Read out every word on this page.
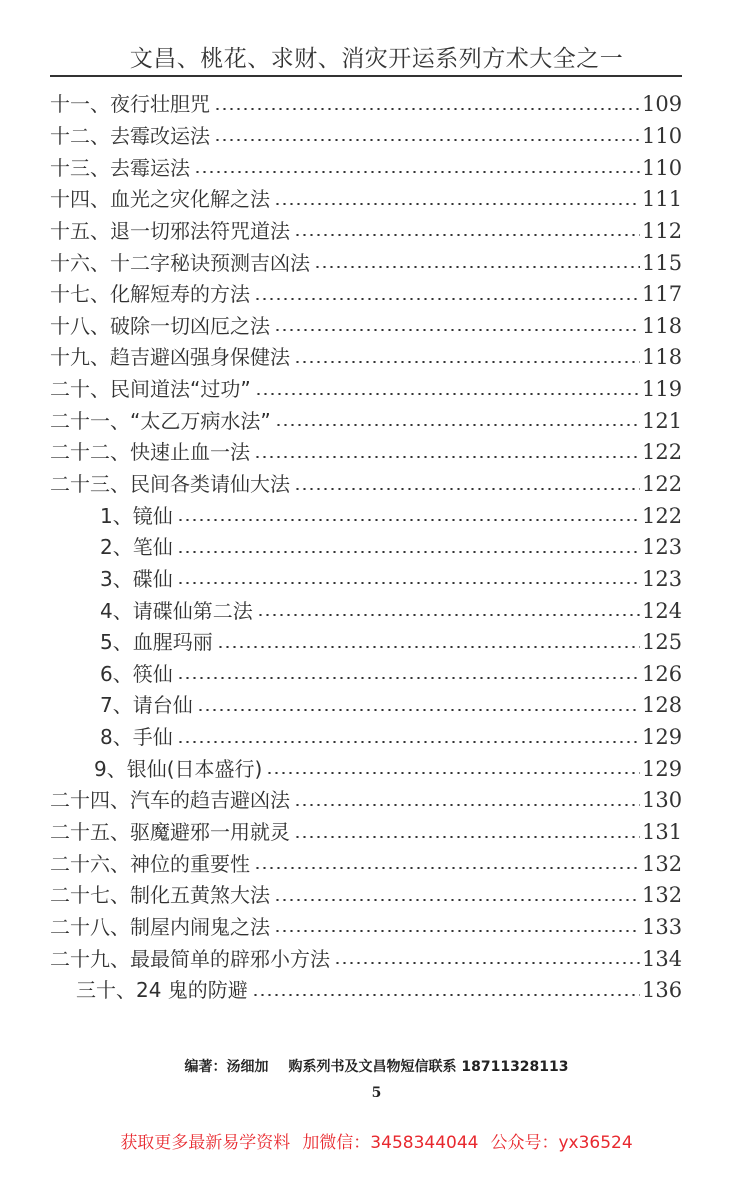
文昌、桃花、求财、消灾开运系列方术大全之一
十一、夜行壮胆咒	109
十二、去霉改运法	110
十三、去霉运法	110
十四、血光之灾化解之法	111
十五、退一切邪法符咒道法	112
十六、十二字秘诀预测吉凶法	115
十七、化解短寿的方法	117
十八、破除一切凶厄之法	118
十九、趋吉避凶强身保健法	118
二十、民间道法“过功”	119
二十一、“太乙万病水法”	121
二十二、快速止血一法	122
二十三、民间各类请仙大法	122
1、镜仙	122
2、笔仙	123
3、碟仙	123
4、请碟仙第二法	124
5、血腥玛丽	125
6、筷仙	126
7、请台仙	128
8、手仙	129
9、银仙(日本盛行)	129
二十四、汽车的趋吉避凶法	130
二十五、驱魔避邪一用就灵	131
二十六、神位的重要性	132
二十七、制化五黄煞大法	132
二十八、制屋内闹鬼之法	133
二十九、最最简单的辟邪小方法	134
三十、24 鬼的防避	136
编著：汤细加 购系列书及文昌物短信联系 18711328113
5
获取更多最新易学资料 加微信：3458344044 公众号：yx36524
